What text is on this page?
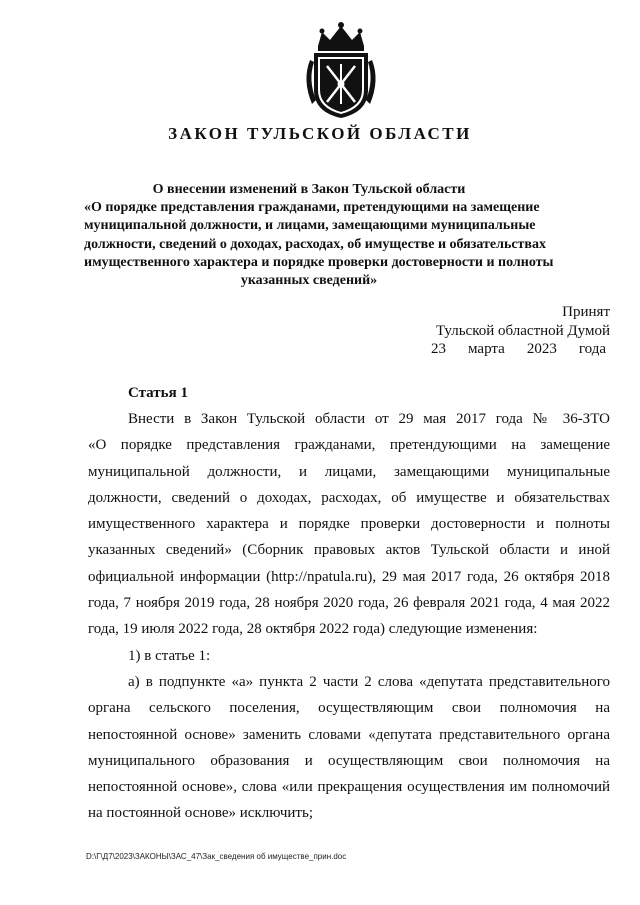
ЗАКОН ТУЛЬСКОЙ ОБЛАСТИ
О внесении изменений в Закон Тульской области
«О порядке представления гражданами, претендующими на замещение
муниципальной должности, и лицами, замещающими муниципальные
должности, сведений о доходах, расходах, об имуществе и обязательствах
имущественного характера и порядке проверки достоверности и полноты
указанных сведений»
Принят
Тульской областной Думой
23 марта 2023 года
Статья 1
Внести в Закон Тульской области от 29 мая 2017 года № 36-ЗТО
«О порядке представления гражданами, претендующими на замещение
муниципальной должности, и лицами, замещающими муниципальные
должности, сведений о доходах, расходах, об имуществе и обязательствах
имущественного характера и порядке проверки достоверности и полноты
указанных сведений» (Сборник правовых актов Тульской области и иной
официальной информации (http://npatula.ru), 29 мая 2017 года, 26 октября 2018
года, 7 ноября 2019 года, 28 ноября 2020 года, 26 февраля 2021 года, 4 мая 2022
года, 19 июля 2022 года, 28 октября 2022 года) следующие изменения:
1) в статье 1:
а) в подпункте «а» пункта 2 части 2 слова «депутата представительного
органа сельского поселения, осуществляющим свои полномочия на
непостоянной основе» заменить словами «депутата представительного органа
муниципального образования и осуществляющим свои полномочия на
непостоянной основе», слова «или прекращения осуществления им полномочий
на постоянной основе» исключить;
D:\Г\Д7\2023\ЗАКОНЫ\ЗАС_47\Зак_сведения об имуществе_прин.doc
